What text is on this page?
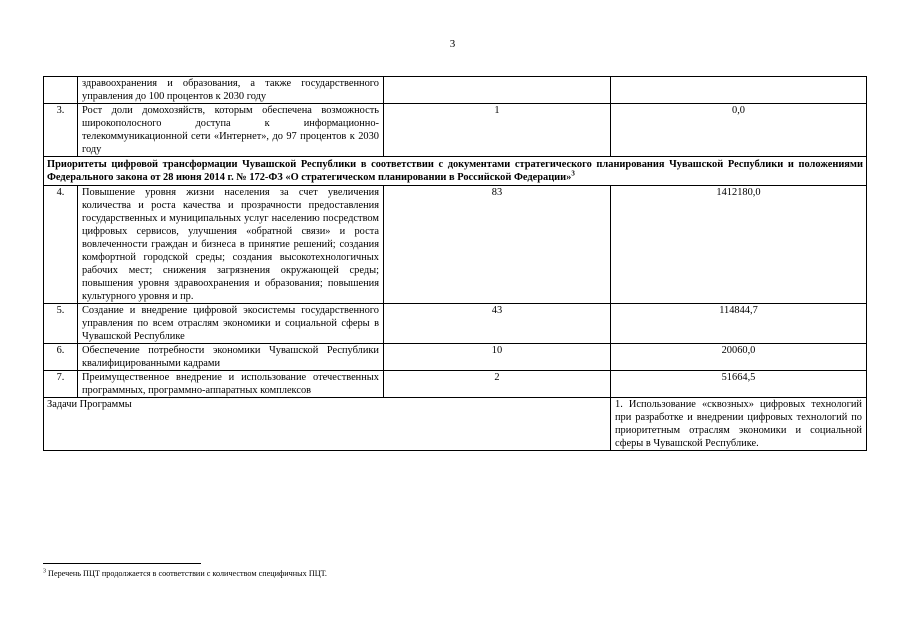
3
	здравоохранения и образования, а также государственного управления до 100 процентов к 2030 году		
3.	Рост доли домохозяйств, которым обеспечена возможность широкополосного доступа к информационно-телекоммуникационной сети «Интернет», до 97 процентов к 2030 году	1	0,0
Приоритеты цифровой трансформации Чувашской Республики в соответствии с документами стратегического планирования Чувашской Республики и положениями Федерального закона от 28 июня 2014 г. № 172-ФЗ «О стратегическом планировании в Российской Федерации»$^3$
4.	Повышение уровня жизни населения за счет увеличения количества и роста качества и прозрачности предоставления государственных и муниципальных услуг населению посредством цифровых сервисов, улучшения «обратной связи» и роста вовлеченности граждан и бизнеса в принятие решений; создания комфортной городской среды; создания высокотехнологичных рабочих мест; снижения загрязнения окружающей среды; повышения уровня здравоохранения и образования; повышения культурного уровня и пр.	83	1412180,0
5.	Создание и внедрение цифровой экосистемы государственного управления по всем отраслям экономики и социальной сферы в Чувашской Республике	43	114844,7
6.	Обеспечение потребности экономики Чувашской Республики квалифицированными кадрами	10	20060,0
7.	Преимущественное внедрение и использование отечественных программных, программно-аппаратных комплексов	2	51664,5
Задачи Программы			1. Использование «сквозных» цифровых технологий при разработке и внедрении цифровых технологий по приоритетным отраслям экономики и социальной сферы в Чувашской Республике.
$^3$ Перечень ПЦТ продолжается в соответствии с количеством специфичных ПЦТ.
